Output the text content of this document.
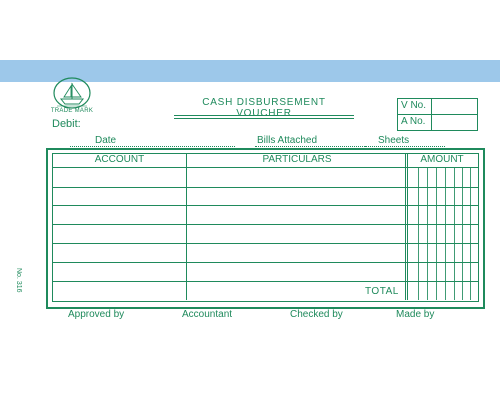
TRADE MARK
Debit:
CASH DISBURSEMENT VOUCHER
V No.
A No.
Date	Bills Attached	Sheets
ACCOUNT	PARTICULARS	AMOUNT
TOTAL
No. 316
Approved by	Accountant	Checked by	Made by
